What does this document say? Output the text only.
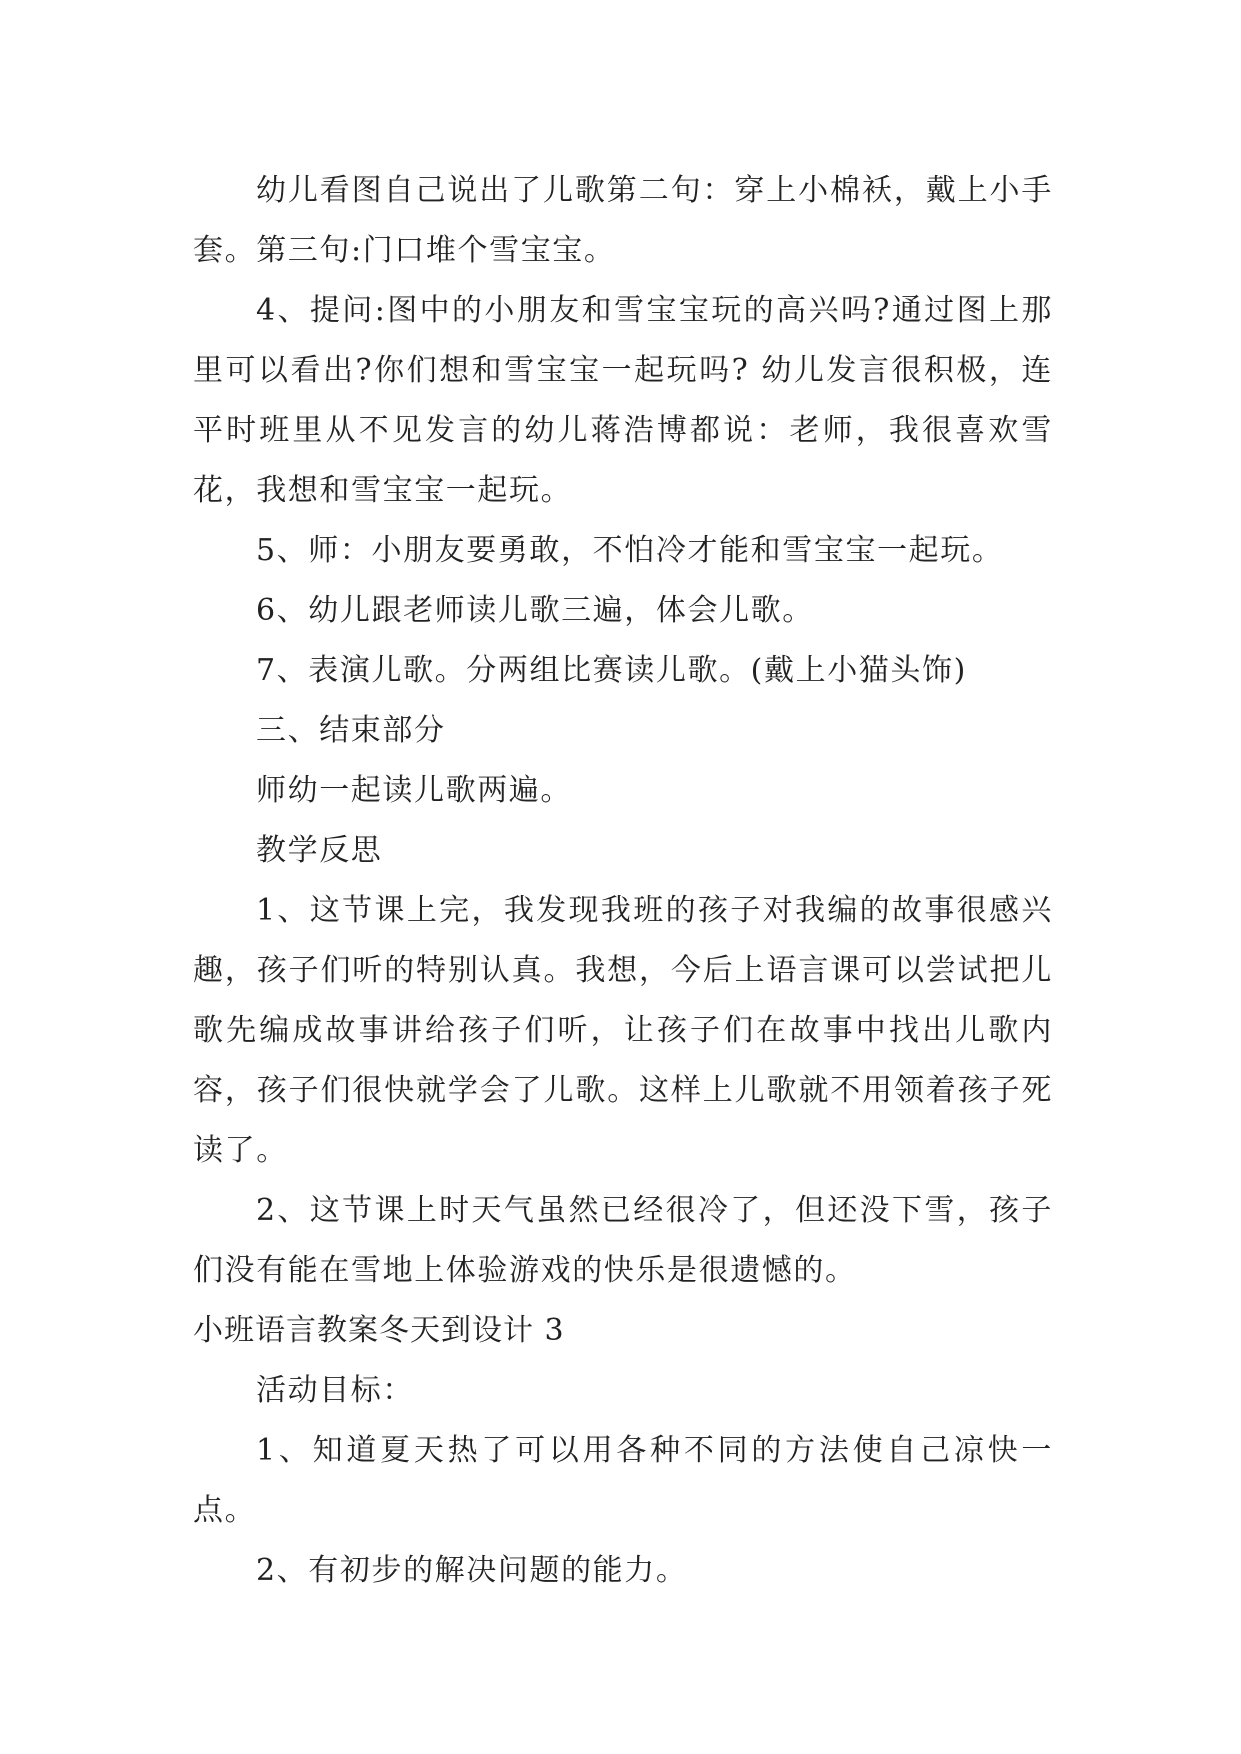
幼儿看图自己说出了儿歌第二句：穿上小棉袄，戴上小手套。第三句:门口堆个雪宝宝。

4、提问:图中的小朋友和雪宝宝玩的高兴吗?通过图上那里可以看出?你们想和雪宝宝一起玩吗? 幼儿发言很积极，连平时班里从不见发言的幼儿蒋浩博都说：老师，我很喜欢雪花，我想和雪宝宝一起玩。

5、师：小朋友要勇敢，不怕冷才能和雪宝宝一起玩。

6、幼儿跟老师读儿歌三遍，体会儿歌。

7、表演儿歌。分两组比赛读儿歌。(戴上小猫头饰)

三、结束部分

师幼一起读儿歌两遍。

教学反思

1、这节课上完，我发现我班的孩子对我编的故事很感兴趣，孩子们听的特别认真。我想，今后上语言课可以尝试把儿歌先编成故事讲给孩子们听，让孩子们在故事中找出儿歌内容，孩子们很快就学会了儿歌。这样上儿歌就不用领着孩子死读了。

2、这节课上时天气虽然已经很冷了，但还没下雪，孩子们没有能在雪地上体验游戏的快乐是很遗憾的。

小班语言教案冬天到设计 3

活动目标：

1、知道夏天热了可以用各种不同的方法使自己凉快一点。

2、有初步的解决问题的能力。
